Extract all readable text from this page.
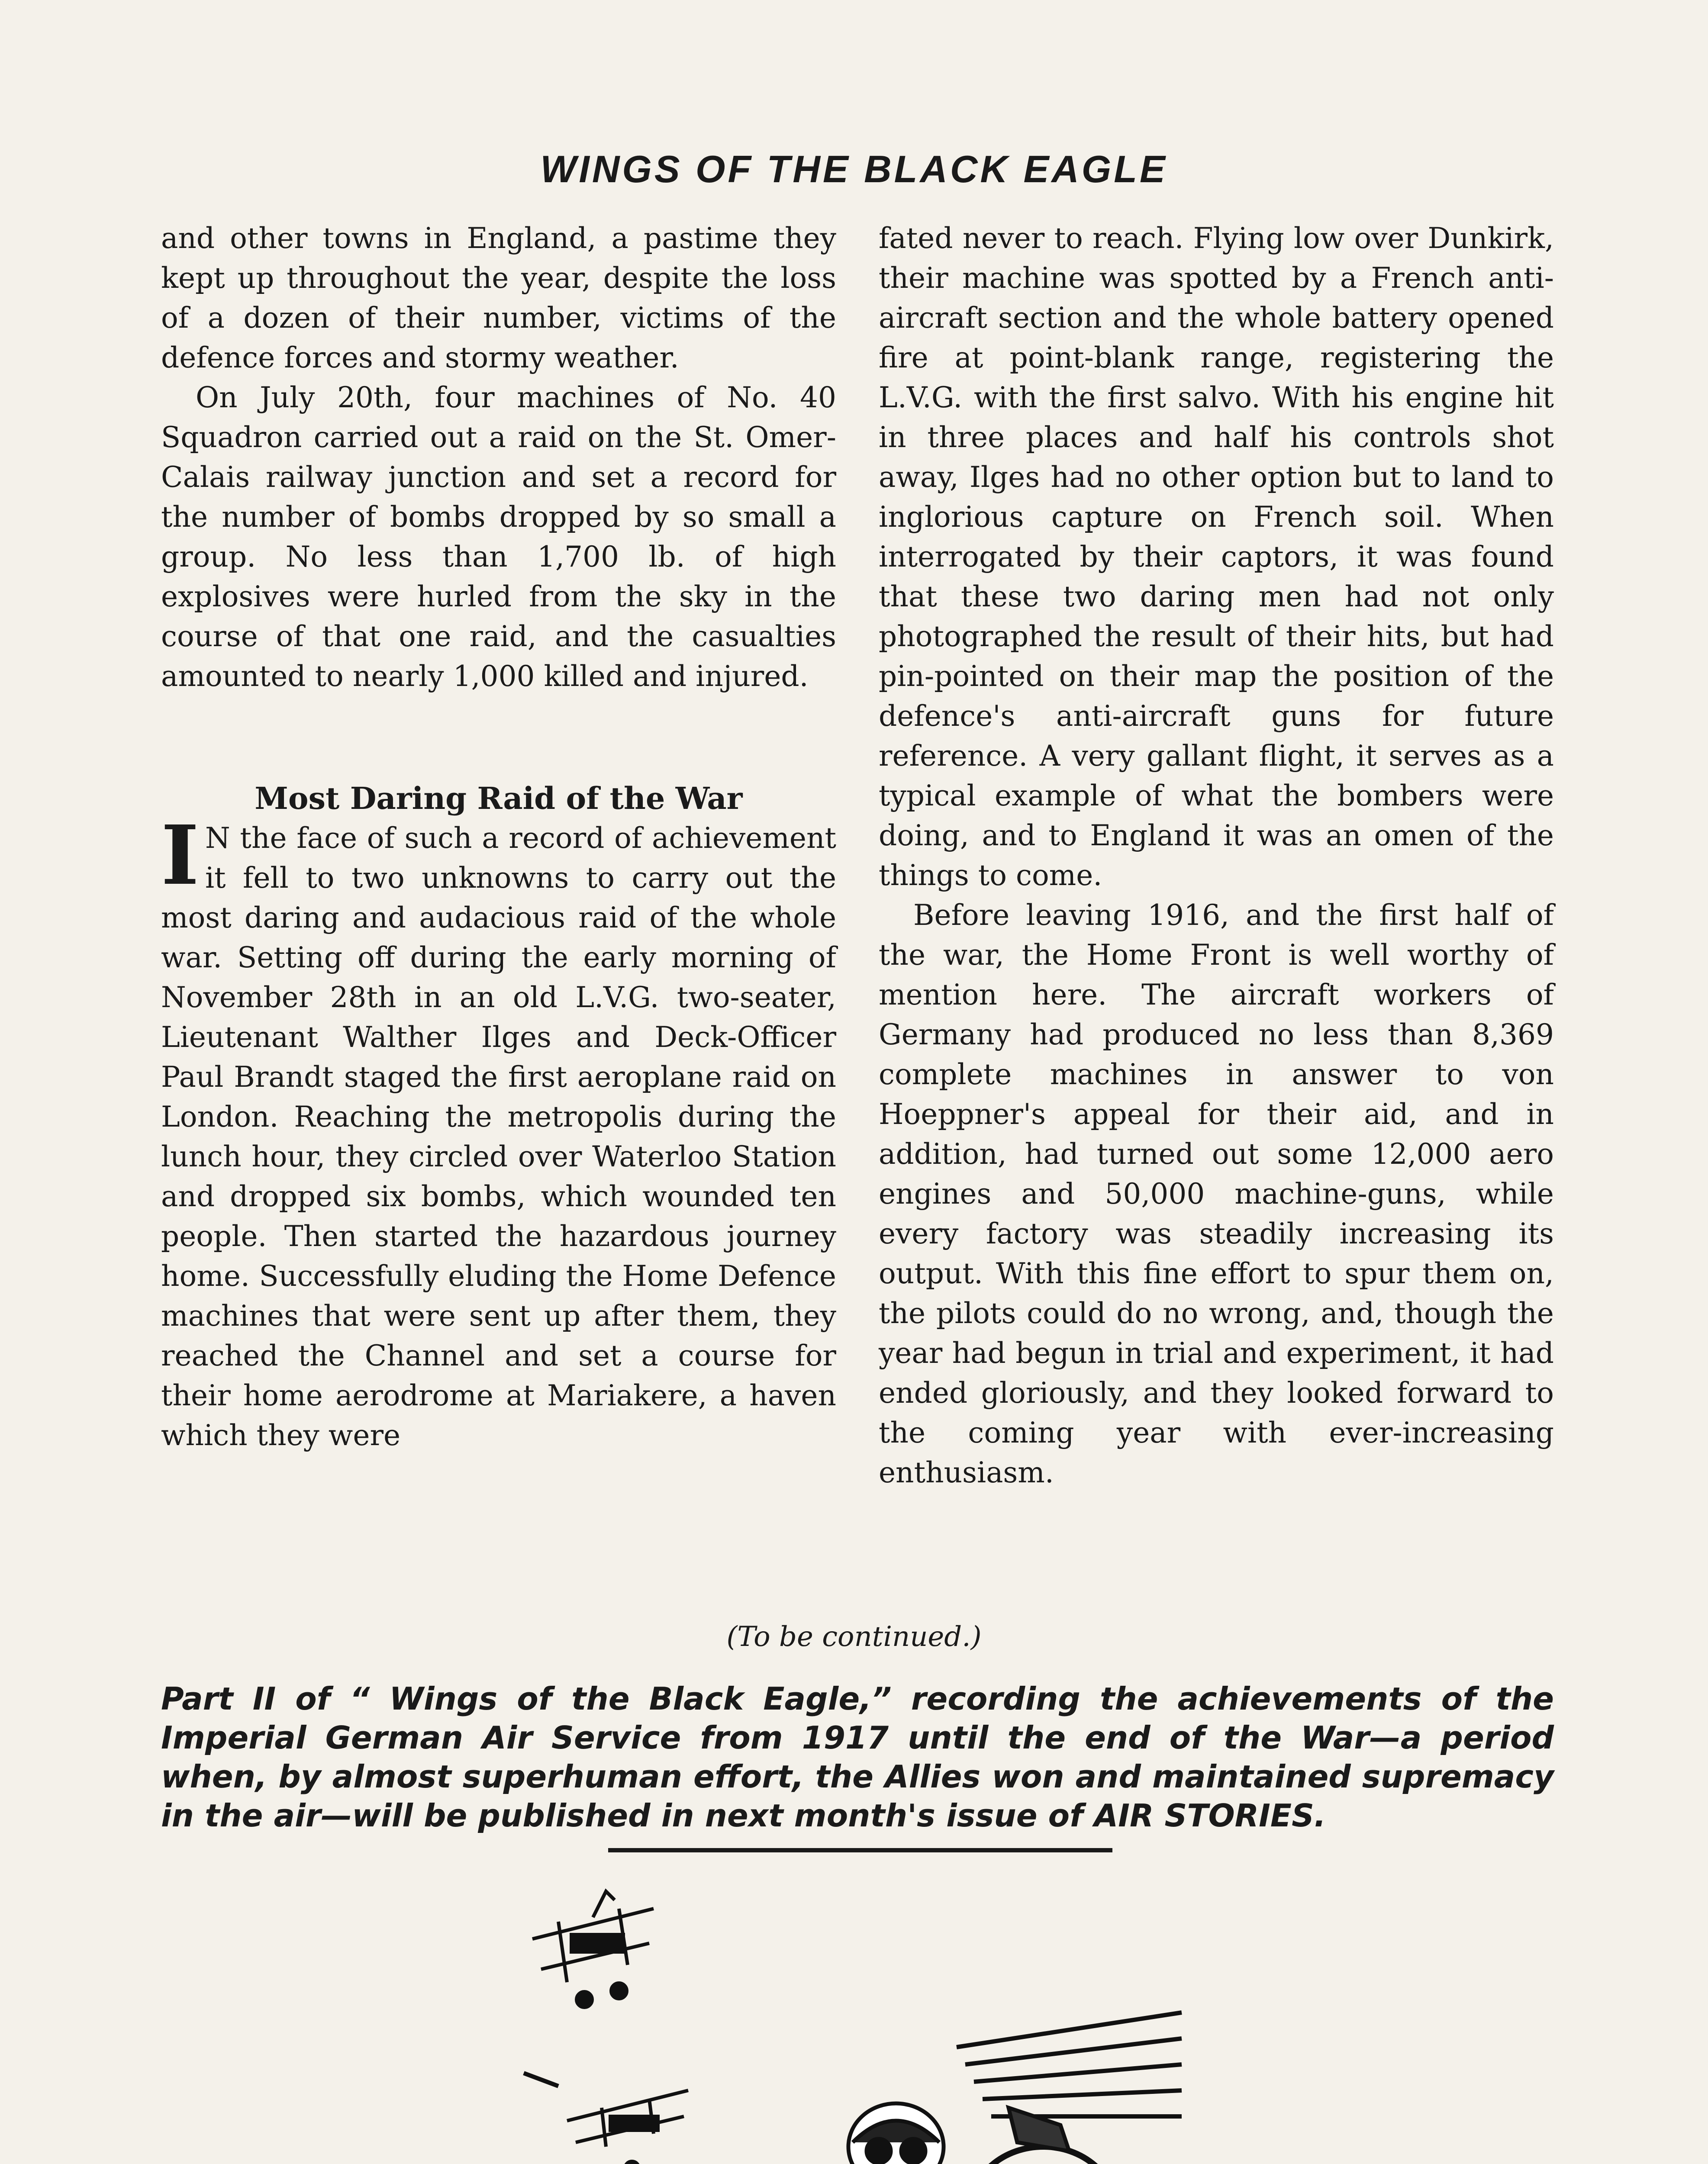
WINGS OF THE BLACK EAGLE

and other towns in England, a pastime they kept up throughout the year, despite the loss of a dozen of their number, victims of the defence forces and stormy weather.

On July 20th, four machines of No. 40 Squadron carried out a raid on the St. Omer-Calais railway junction and set a record for the number of bombs dropped by so small a group. No less than 1,700 lb. of high explosives were hurled from the sky in the course of that one raid, and the casualties amounted to nearly 1,000 killed and injured.

Most Daring Raid of the War

I N the face of such a record of achievement it fell to two unknowns to carry out the most daring and audacious raid of the whole war. Setting off during the early morning of November 28th in an old L.V.G. two-seater, Lieutenant Walther Ilges and Deck-Officer Paul Brandt staged the first aeroplane raid on London. Reaching the metropolis during the lunch hour, they circled over Waterloo Station and dropped six bombs, which wounded ten people. Then started the hazardous journey home. Successfully eluding the Home Defence machines that were sent up after them, they reached the Channel and set a course for their home aerodrome at Mariakere, a haven which they were

fated never to reach. Flying low over Dunkirk, their machine was spotted by a French anti-aircraft section and the whole battery opened fire at point-blank range, registering the L.V.G. with the first salvo. With his engine hit in three places and half his controls shot away, Ilges had no other option but to land to inglorious capture on French soil. When interrogated by their captors, it was found that these two daring men had not only photographed the result of their hits, but had pin-pointed on their map the position of the defence's anti-aircraft guns for future reference. A very gallant flight, it serves as a typical example of what the bombers were doing, and to England it was an omen of the things to come.

Before leaving 1916, and the first half of the war, the Home Front is well worthy of mention here. The aircraft workers of Germany had produced no less than 8,369 complete machines in answer to von Hoeppner's appeal for their aid, and in addition, had turned out some 12,000 aero engines and 50,000 machine-guns, while every factory was steadily increasing its output. With this fine effort to spur them on, the pilots could do no wrong, and, though the year had begun in trial and experiment, it had ended gloriously, and they looked forward to the coming year with ever-increasing enthusiasm.

(To be continued.)
Part II of “ Wings of the Black Eagle,” recording the achievements of the Imperial German Air Service from 1917 until the end of the War—a period when, by almost superhuman effort, the Allies won and maintained supremacy in the air—will be published in next month's issue of AIR STORIES.
